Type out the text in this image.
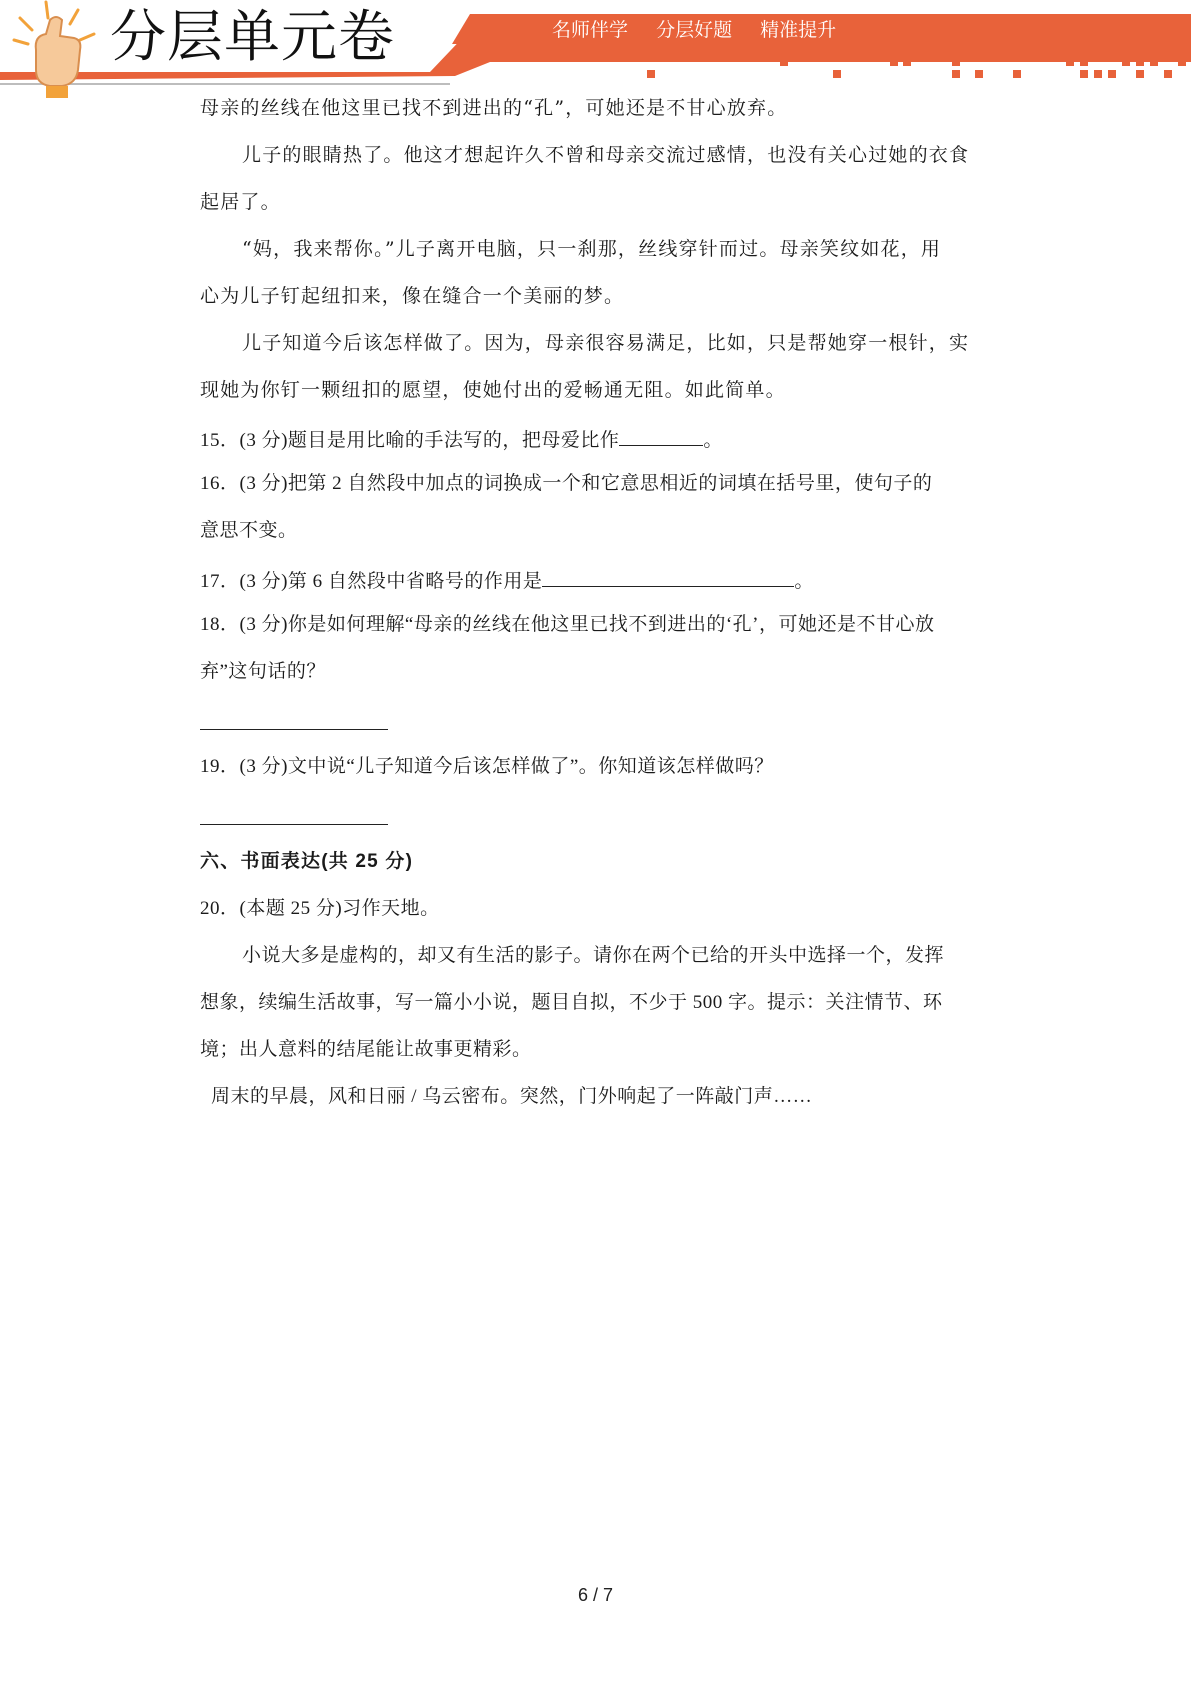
分层单元卷	名师伴学 分层好题 精准提升
母亲的丝线在他这里已找不到进出的“孔”，可她还是不甘心放弃。
儿子的眼睛热了。他这才想起许久不曾和母亲交流过感情，也没有关心过她的衣食
起居了。
“妈，我来帮你。”儿子离开电脑，只一刹那，丝线穿针而过。母亲笑纹如花，用
心为儿子钉起纽扣来，像在缝合一个美丽的梦。
儿子知道今后该怎样做了。因为，母亲很容易满足，比如，只是帮她穿一根针，实
现她为你钉一颗纽扣的愿望，使她付出的爱畅通无阻。如此简单。
15．(3 分)题目是用比喻的手法写的，把母爱比作	。
16．(3 分)把第 2 自然段中加点的词换成一个和它意思相近的词填在括号里，使句子的
意思不变。
17．(3 分)第 6 自然段中省略号的作用是	。
18．(3 分)你是如何理解“母亲的丝线在他这里已找不到进出的‘孔’，可她还是不甘心放
弃”这句话的？
19．(3 分)文中说“儿子知道今后该怎样做了”。你知道该怎样做吗？
六、书面表达(共 25 分)
20．(本题 25 分)习作天地。
小说大多是虚构的，却又有生活的影子。请你在两个已给的开头中选择一个，发挥
想象，续编生活故事，写一篇小小说，题目自拟，不少于 500 字。提示：关注情节、环
境；出人意料的结尾能让故事更精彩。
周末的早晨，风和日丽 / 乌云密布。突然，门外响起了一阵敲门声……
6 / 7
